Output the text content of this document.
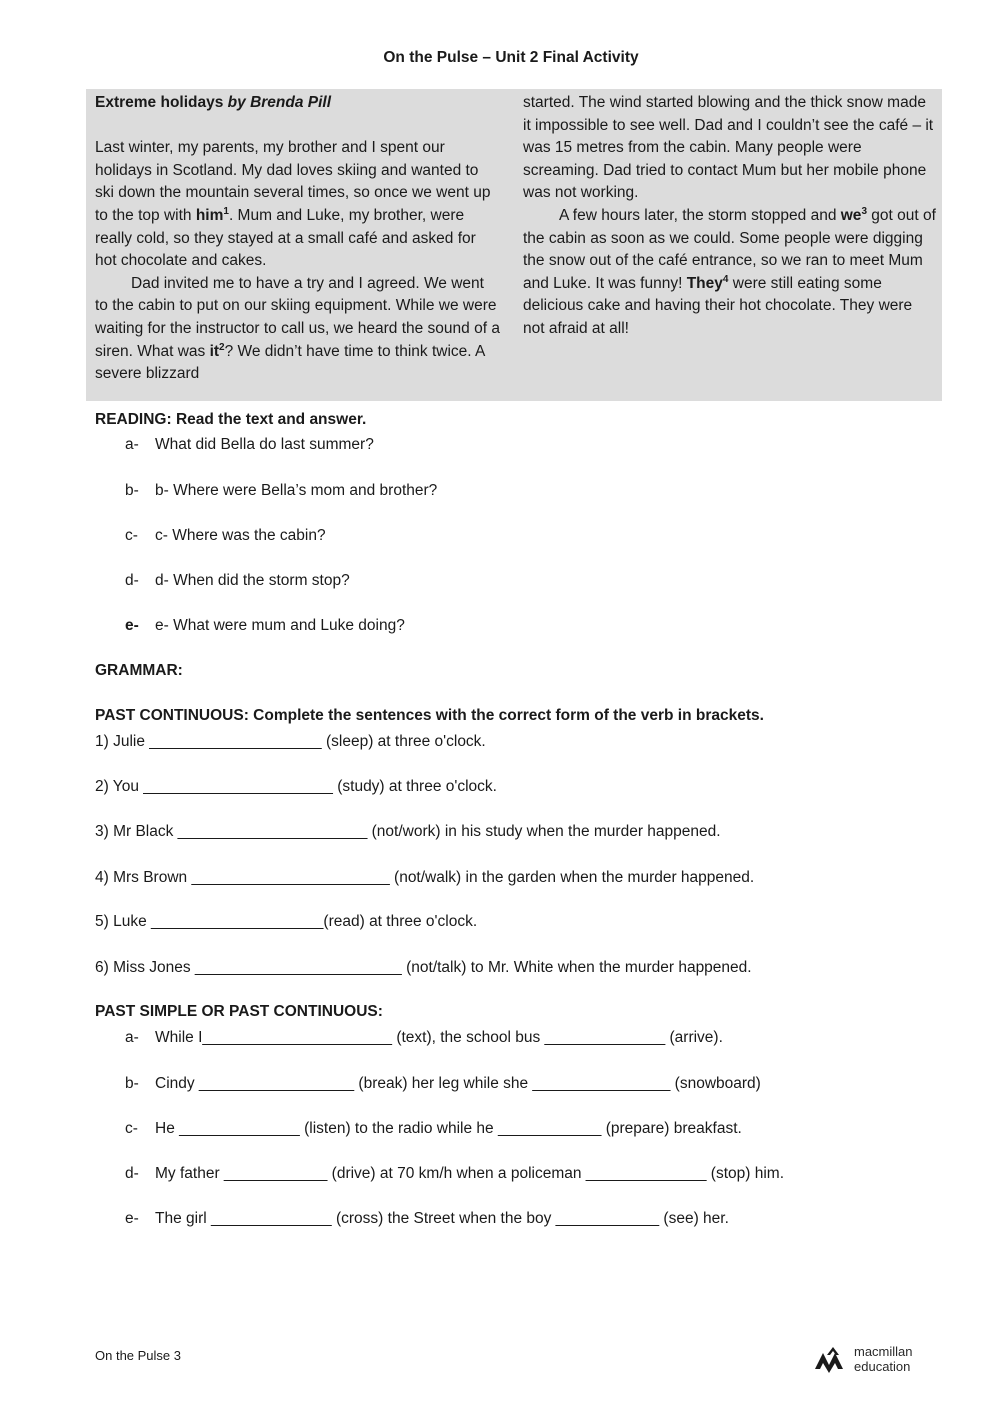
On the Pulse – Unit 2 Final Activity

Extreme holidays by Brenda Pill

Last winter, my parents, my brother and I spent our holidays in Scotland. My dad loves skiing and wanted to ski down the mountain several times, so once we went up to the top with him$^1$. Mum and Luke, my brother, were really cold, so they stayed at a small café and asked for hot chocolate and cakes.

Dad invited me to have a try and I agreed. We went to the cabin to put on our skiing equipment. While we were waiting for the instructor to call us, we heard the sound of a siren. What was $it^2$? We didn’t have time to think twice. A severe blizzard

started. The wind started blowing and the thick snow made it impossible to see well. Dad and I couldn’t see the café – it was 15 metres from the cabin. Many people were screaming. Dad tried to contact Mum but her mobile phone was not working.

A few hours later, the storm stopped and $we^3$ got out of the cabin as soon as we could. Some people were digging the snow out of the café entrance, so we ran to meet Mum and Luke. It was funny! They$^4$ were still eating some delicious cake and having their hot chocolate. They were not afraid at all!

READING: Read the text and answer.
a- What did Bella do last summer?
b- b- Where were Bella’s mom and brother?
c- c- Where was the cabin?
d- d- When did the storm stop?
e- e- What were mum and Luke doing?
GRAMMAR:
PAST CONTINUOUS: Complete the sentences with the correct form of the verb in brackets.
1) Julie ____________________ (sleep) at three o'clock.
2) You ______________________ (study) at three o'clock.
3) Mr Black ______________________ (not/work) in his study when the murder happened.
4) Mrs Brown _______________________ (not/walk) in the garden when the murder happened.
5) Luke ____________________(read) at three o'clock.
6) Miss Jones ________________________ (not/talk) to Mr. White when the murder happened.
PAST SIMPLE OR PAST CONTINUOUS:
a- While I______________________ (text), the school bus ______________ (arrive).
b- Cindy __________________ (break) her leg while she ________________ (snowboard)
c- He ______________ (listen) to the radio while he ____________ (prepare) breakfast.
d- My father ____________ (drive) at 70 km/h when a policeman ______________ (stop) him.
e- The girl ______________ (cross) the Street when the boy ____________ (see) her.
On the Pulse 3	macmillan
education
